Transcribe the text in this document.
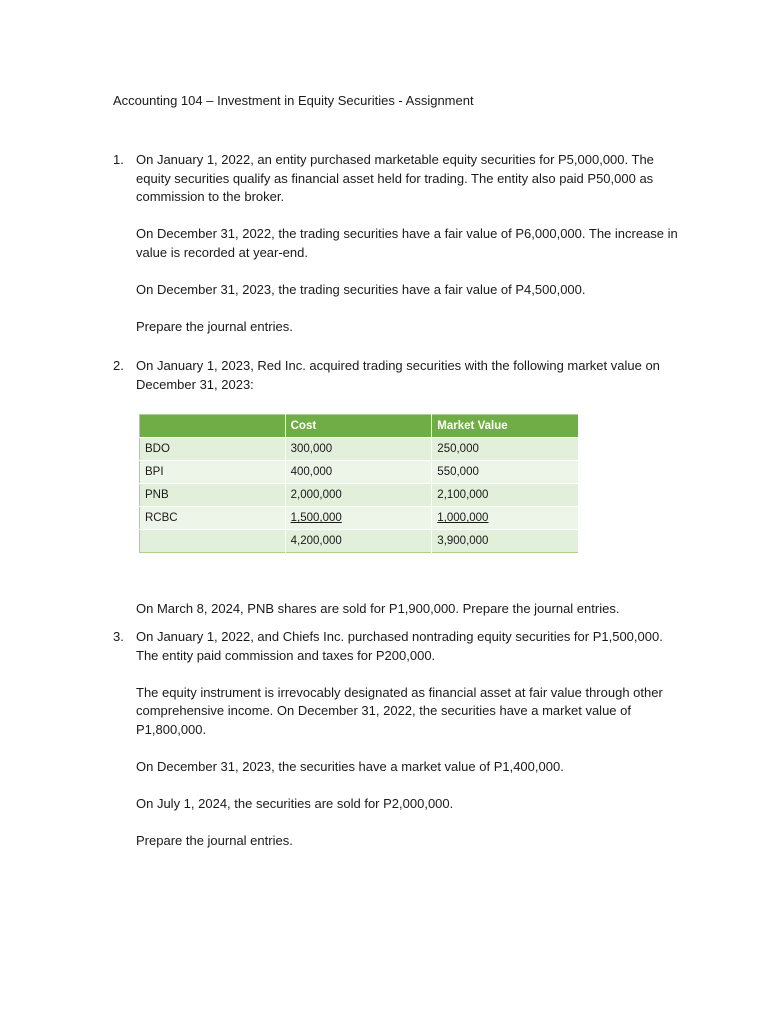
Accounting 104 – Investment in Equity Securities - Assignment
1. On January 1, 2022, an entity purchased marketable equity securities for P5,000,000. The equity securities qualify as financial asset held for trading. The entity also paid P50,000 as commission to the broker.

On December 31, 2022, the trading securities have a fair value of P6,000,000. The increase in value is recorded at year-end.

On December 31, 2023, the trading securities have a fair value of P4,500,000.

Prepare the journal entries.

2. On January 1, 2023, Red Inc. acquired trading securities with the following market value on December 31, 2023:

	Cost	Market Value
BDO	300,000	250,000
BPI	400,000	550,000
PNB	2,000,000	2,100,000
RCBC	1,500,000	1,000,000
	4,200,000	3,900,000
On March 8, 2024, PNB shares are sold for P1,900,000. Prepare the journal entries.
3. On January 1, 2022, and Chiefs Inc. purchased nontrading equity securities for P1,500,000. The entity paid commission and taxes for P200,000.

The equity instrument is irrevocably designated as financial asset at fair value through other comprehensive income. On December 31, 2022, the securities have a market value of P1,800,000.

On December 31, 2023, the securities have a market value of P1,400,000.

On July 1, 2024, the securities are sold for P2,000,000.

Prepare the journal entries.
